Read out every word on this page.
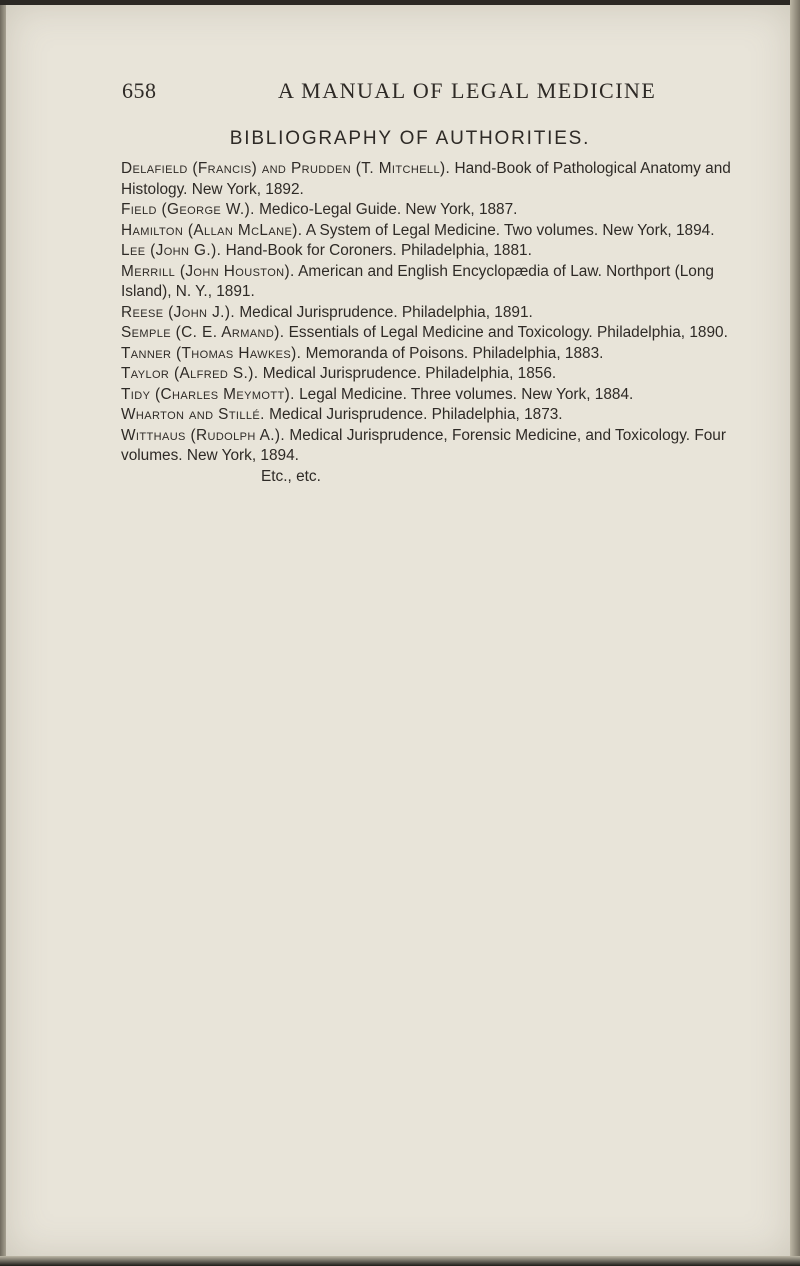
658	A MANUAL OF LEGAL MEDICINE
BIBLIOGRAPHY OF AUTHORITIES.

Delafield (Francis) and Prudden (T. Mitchell). Hand-Book of Pathological Anatomy and Histology. New York, 1892.

Field (George W.). Medico-Legal Guide. New York, 1887.

Hamilton (Allan McLane). A System of Legal Medicine. Two volumes. New York, 1894.

Lee (John G.). Hand-Book for Coroners. Philadelphia, 1881.

Merrill (John Houston). American and English Encyclopædia of Law. Northport (Long Island), N. Y., 1891.

Reese (John J.). Medical Jurisprudence. Philadelphia, 1891.

Semple (C. E. Armand). Essentials of Legal Medicine and Toxicology. Philadelphia, 1890.

Tanner (Thomas Hawkes). Memoranda of Poisons. Philadelphia, 1883.

Taylor (Alfred S.). Medical Jurisprudence. Philadelphia, 1856.

Tidy (Charles Meymott). Legal Medicine. Three volumes. New York, 1884.

Wharton and Stillé. Medical Jurisprudence. Philadelphia, 1873.

Witthaus (Rudolph A.). Medical Jurisprudence, Forensic Medicine, and Toxicology. Four volumes. New York, 1894.

Etc., etc.
